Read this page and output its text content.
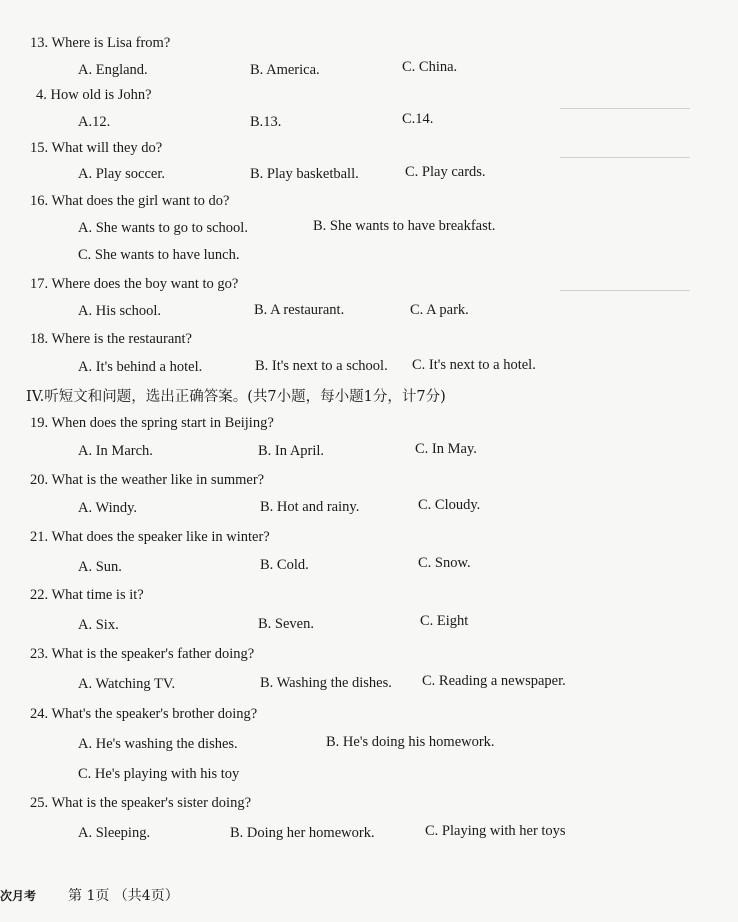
13. Where is Lisa from?
A. England.	B. America.	C. China.
4. How old is John?
A.12.	B.13.	C.14.
15. What will they do?
A. Play soccer.	B. Play basketball.	C. Play cards.
16. What does the girl want to do?
A. She wants to go to school.	B. She wants to have breakfast.
C. She wants to have lunch.
17. Where does the boy want to go?
A. His school.	B. A restaurant.	C. A park.
18. Where is the restaurant?
A. It's behind a hotel.	B. It's next to a school. C. It's next to a hotel.
IV.听短文和问题，选出正确答案。(共7小题，每小题1分，计7分)
19. When does the spring start in Beijing?
A. In March.	B. In April.	C. In May.
20. What is the weather like in summer?
A. Windy.	B. Hot and rainy.	C. Cloudy.
21. What does the speaker like in winter?
A. Sun.	B. Cold.	C. Snow.
22. What time is it?
A. Six.	B. Seven.	C. Eight
23. What is the speaker's father doing?
A. Watching TV.	B. Washing the dishes. C. Reading a newspaper.
24. What's the speaker's brother doing?
A. He's washing the dishes.	B. He's doing his homework.
C. He's playing with his toy
25. What is the speaker's sister doing?
A. Sleeping.	B. Doing her homework.	C. Playing with her toys
次月考 第 1页 （共4页）
